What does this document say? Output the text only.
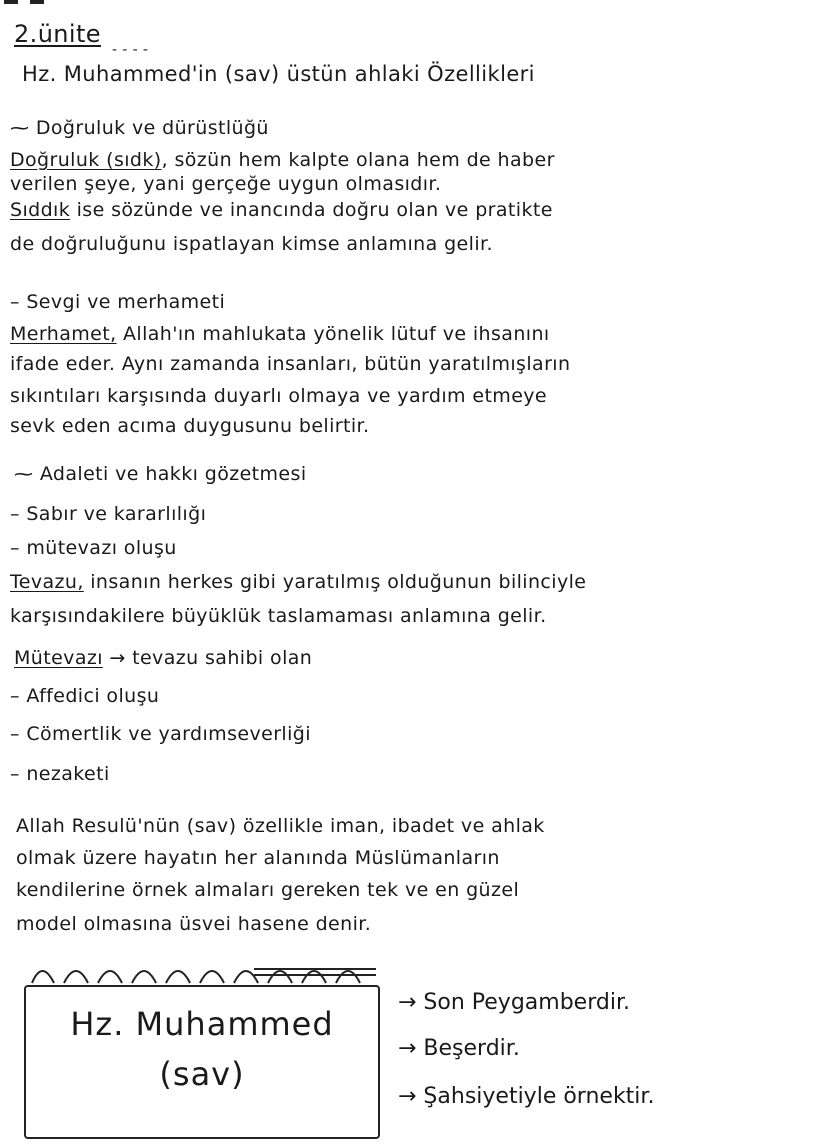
2.ünite
- - - -
Hz. Muhammed'in (sav) üstün ahlaki Özellikleri
⁓ Doğruluk ve dürüstlüğü
Doğruluk (sıdk), sözün hem kalpte olana hem de haber
verilen şeye, yani gerçeğe uygun olmasıdır.
Sıddık ise sözünde ve inancında doğru olan ve pratikte
de doğruluğunu ispatlayan kimse anlamına gelir.
– Sevgi ve merhameti
Merhamet, Allah'ın mahlukata yönelik lütuf ve ihsanını
ifade eder. Aynı zamanda insanları, bütün yaratılmışların
sıkıntıları karşısında duyarlı olmaya ve yardım etmeye
sevk eden acıma duygusunu belirtir.
⁓ Adaleti ve hakkı gözetmesi
– Sabır ve kararlılığı
– mütevazı oluşu
Tevazu, insanın herkes gibi yaratılmış olduğunun bilinciyle
karşısındakilere büyüklük taslamaması anlamına gelir.
Mütevazı → tevazu sahibi olan
– Affedici oluşu
– Cömertlik ve yardımseverliği
– nezaketi
Allah Resulü'nün (sav) özellikle iman, ibadet ve ahlak
olmak üzere hayatın her alanında Müslümanların
kendilerine örnek almaları gereken tek ve en güzel
model olmasına üsvei hasene denir.
Hz. Muhammed
(sav)
→ Son Peygamberdir.
→ Beşerdir.
→ Şahsiyetiyle örnektir.
